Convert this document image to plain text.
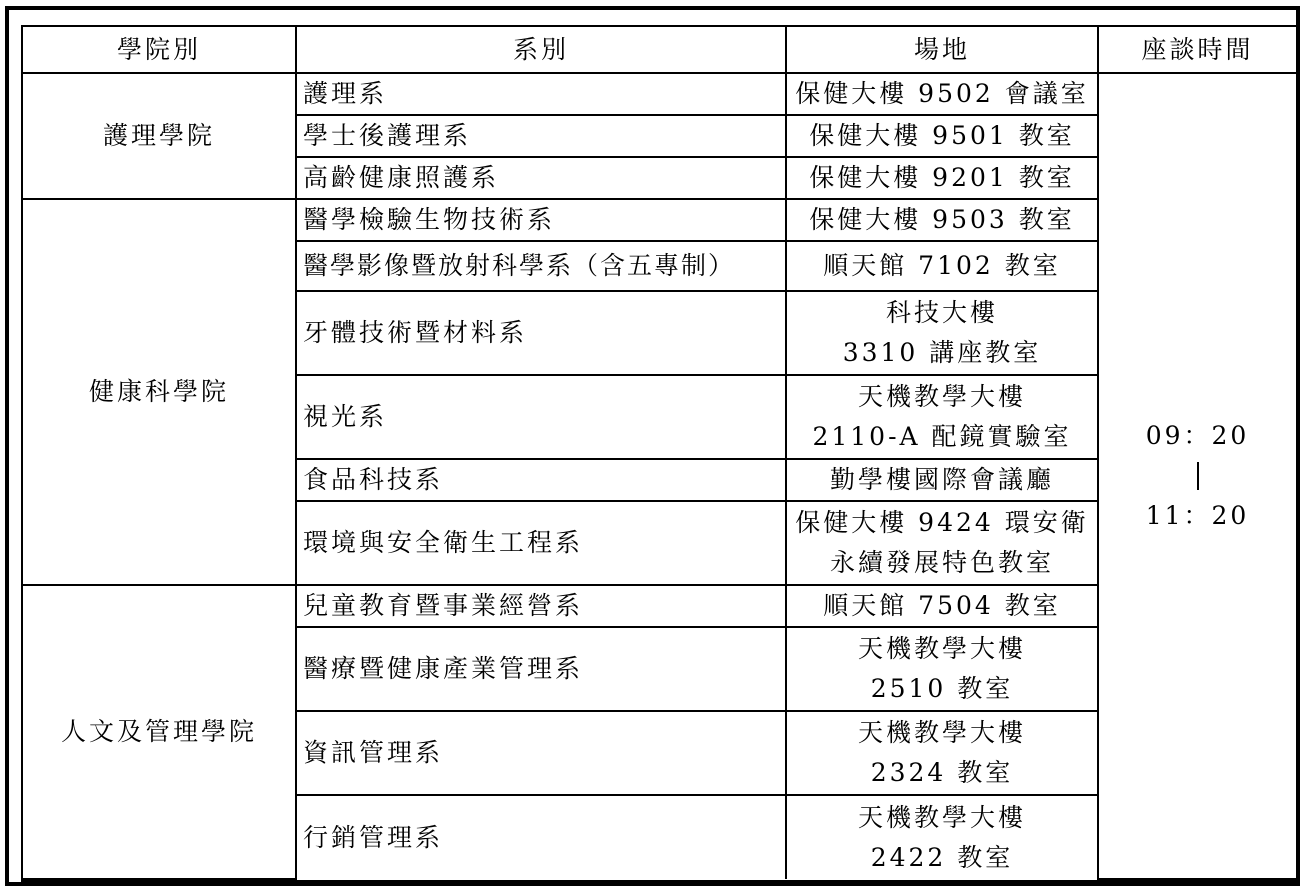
學院別	系別	場地	座談時間
護理學院	護理系	保健大樓 9502 會議室	09：20
11：20

	學士後護理系	保健大樓 9501 教室	

	高齡健康照護系	保健大樓 9201 教室	

健康科學院	醫學檢驗生物技術系	保健大樓 9503 教室	

	醫學影像暨放射科學系（含五專制）	順天館 7102 教室	

	牙體技術暨材料系	科技大樓
3310 講座教室	

	視光系	天機教學大樓
2110-A 配鏡實驗室	

	食品科技系	勤學樓國際會議廳	

	環境與安全衛生工程系	保健大樓 9424 環安衛
永續發展特色教室	

人文及管理學院	兒童教育暨事業經營系	順天館 7504 教室	

	醫療暨健康產業管理系	天機教學大樓
2510 教室	

	資訊管理系	天機教學大樓
2324 教室	

	行銷管理系	天機教學大樓
2422 教室	
